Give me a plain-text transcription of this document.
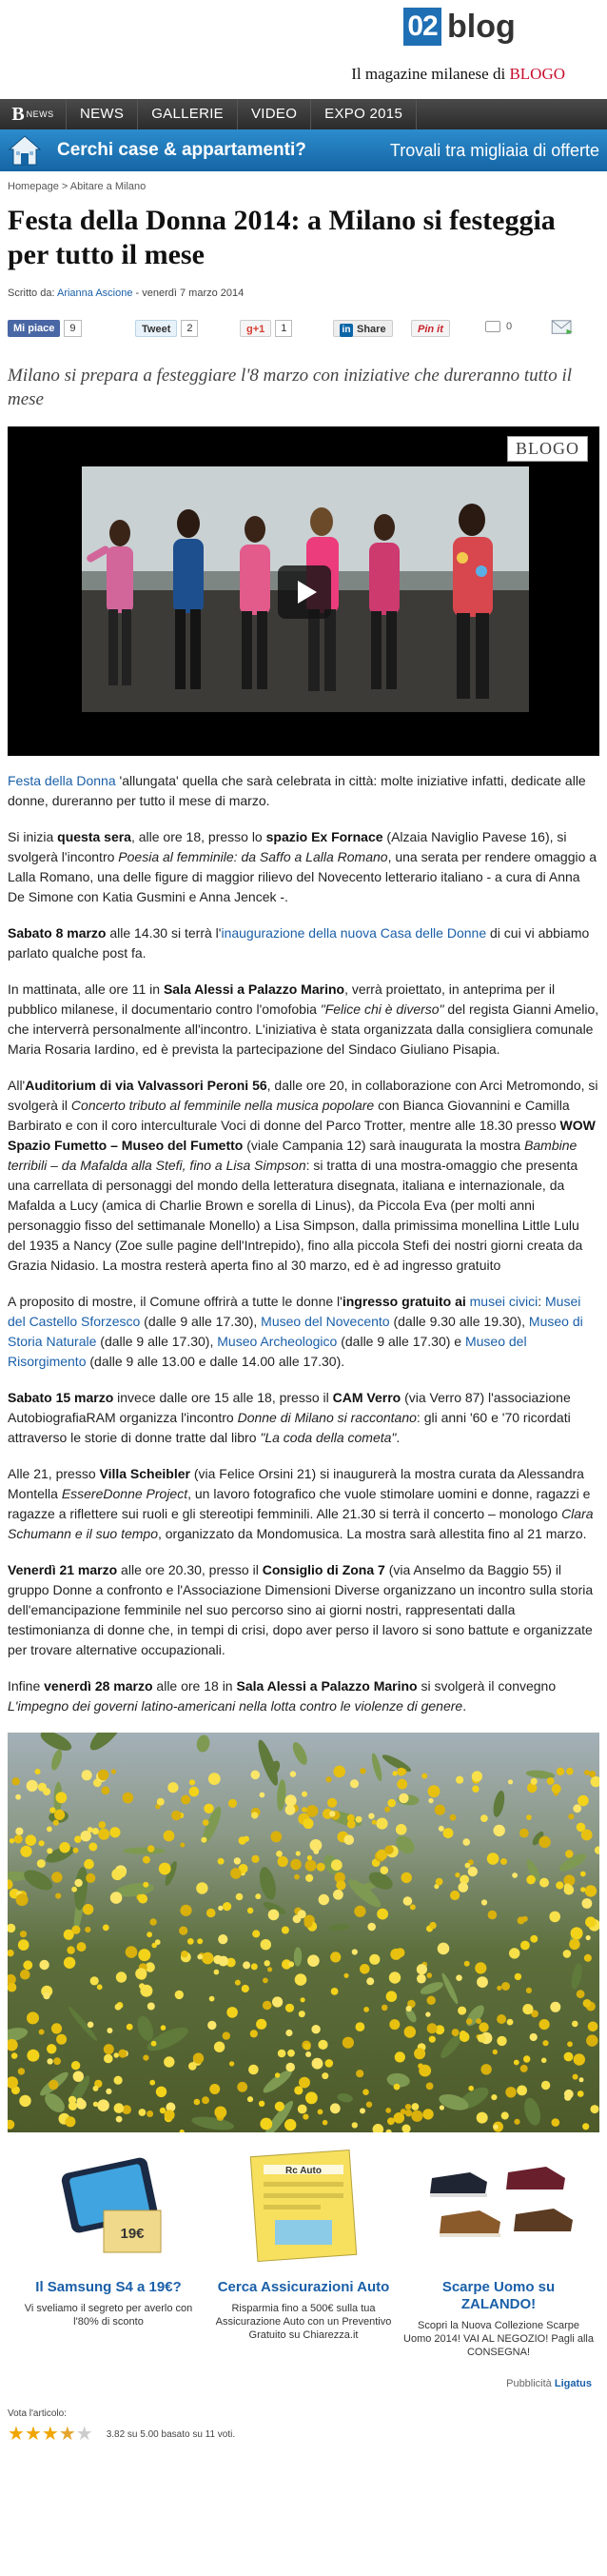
02 blog
Il magazine milanese di BLOGO
B NEWS	NEWS	GALLERIE	VIDEO	EXPO 2015
Cerchi case & appartamenti?	Trovali tra migliaia di offerte
Homepage > Abitare a Milano
Festa della Donna 2014: a Milano si festeggia per tutto il mese
Scritto da: Arianna Ascione - venerdì 7 marzo 2014
Mi piace	9	Tweet	2	g+1	1	in Share	Pin it	0
Milano si prepara a festeggiare l'8 marzo con iniziative che dureranno tutto il mese
BLOGO

Festa della Donna 'allungata' quella che sarà celebrata in città: molte iniziative infatti, dedicate alle donne, dureranno per tutto il mese di marzo.

Si inizia questa sera, alle ore 18, presso lo spazio Ex Fornace (Alzaia Naviglio Pavese 16), si svolgerà l'incontro Poesia al femminile: da Saffo a Lalla Romano, una serata per rendere omaggio a Lalla Romano, una delle figure di maggior rilievo del Novecento letterario italiano - a cura di Anna De Simone con Katia Gusmini e Anna Jencek -.

Sabato 8 marzo alle 14.30 si terrà l'inaugurazione della nuova Casa delle Donne di cui vi abbiamo parlato qualche post fa.

In mattinata, alle ore 11 in Sala Alessi a Palazzo Marino, verrà proiettato, in anteprima per il pubblico milanese, il documentario contro l'omofobia "Felice chi è diverso" del regista Gianni Amelio, che interverrà personalmente all'incontro. L'iniziativa è stata organizzata dalla consigliera comunale Maria Rosaria Iardino, ed è prevista la partecipazione del Sindaco Giuliano Pisapia.

All'Auditorium di via Valvassori Peroni 56, dalle ore 20, in collaborazione con Arci Metromondo, si svolgerà il Concerto tributo al femminile nella musica popolare con Bianca Giovannini e Camilla Barbirato e con il coro interculturale Voci di donne del Parco Trotter, mentre alle 18.30 presso WOW Spazio Fumetto – Museo del Fumetto (viale Campania 12) sarà inaugurata la mostra Bambine terribili – da Mafalda alla Stefi, fino a Lisa Simpson: si tratta di una mostra-omaggio che presenta una carrellata di personaggi del mondo della letteratura disegnata, italiana e internazionale, da Mafalda a Lucy (amica di Charlie Brown e sorella di Linus), da Piccola Eva (per molti anni personaggio fisso del settimanale Monello) a Lisa Simpson, dalla primissima monellina Little Lulu del 1935 a Nancy (Zoe sulle pagine dell'Intrepido), fino alla piccola Stefi dei nostri giorni creata da Grazia Nidasio. La mostra resterà aperta fino al 30 marzo, ed è ad ingresso gratuito

A proposito di mostre, il Comune offrirà a tutte le donne l'ingresso gratuito ai musei civici: Musei del Castello Sforzesco (dalle 9 alle 17.30), Museo del Novecento (dalle 9.30 alle 19.30), Museo di Storia Naturale (dalle 9 alle 17.30), Museo Archeologico (dalle 9 alle 17.30) e Museo del Risorgimento (dalle 9 alle 13.00 e dalle 14.00 alle 17.30).

Sabato 15 marzo invece dalle ore 15 alle 18, presso il CAM Verro (via Verro 87) l'associazione AutobiografiaRAM organizza l'incontro Donne di Milano si raccontano: gli anni '60 e '70 ricordati attraverso le storie di donne tratte dal libro "La coda della cometa".

Alle 21, presso Villa Scheibler (via Felice Orsini 21) si inaugurerà la mostra curata da Alessandra Montella EssereDonne Project, un lavoro fotografico che vuole stimolare uomini e donne, ragazzi e ragazze a riflettere sui ruoli e gli stereotipi femminili. Alle 21.30 si terrà il concerto – monologo Clara Schumann e il suo tempo, organizzato da Mondomusica. La mostra sarà allestita fino al 21 marzo.

Venerdì 21 marzo alle ore 20.30, presso il Consiglio di Zona 7 (via Anselmo da Baggio 55) il gruppo Donne a confronto e l'Associazione Dimensioni Diverse organizzano un incontro sulla storia dell'emancipazione femminile nel suo percorso sino ai giorni nostri, rappresentati dalla testimonianza di donne che, in tempi di crisi, dopo aver perso il lavoro si sono battute e organizzate per trovare alternative occupazionali.

Infine venerdì 28 marzo alle ore 18 in Sala Alessi a Palazzo Marino si svolgerà il convegno L'impegno dei governi latino-americani nella lotta contro le violenze di genere.

19€
Il Samsung S4 a 19€?
Vi sveliamo il segreto per averlo con l'80% di sconto
Rc Auto
Cerca Assicurazioni Auto
Risparmia fino a 500€ sulla tua Assicurazione Auto con un Preventivo Gratuito su Chiarezza.it
Scarpe Uomo su ZALANDO!
Scopri la Nuova Collezione Scarpe Uomo 2014! VAI AL NEGOZIO! Pagli alla CONSEGNA!
Pubblicità Ligatus
Vota l'articolo:
★ ★ ★ ★ ★ 3.82 su 5.00 basato su 11 voti.
